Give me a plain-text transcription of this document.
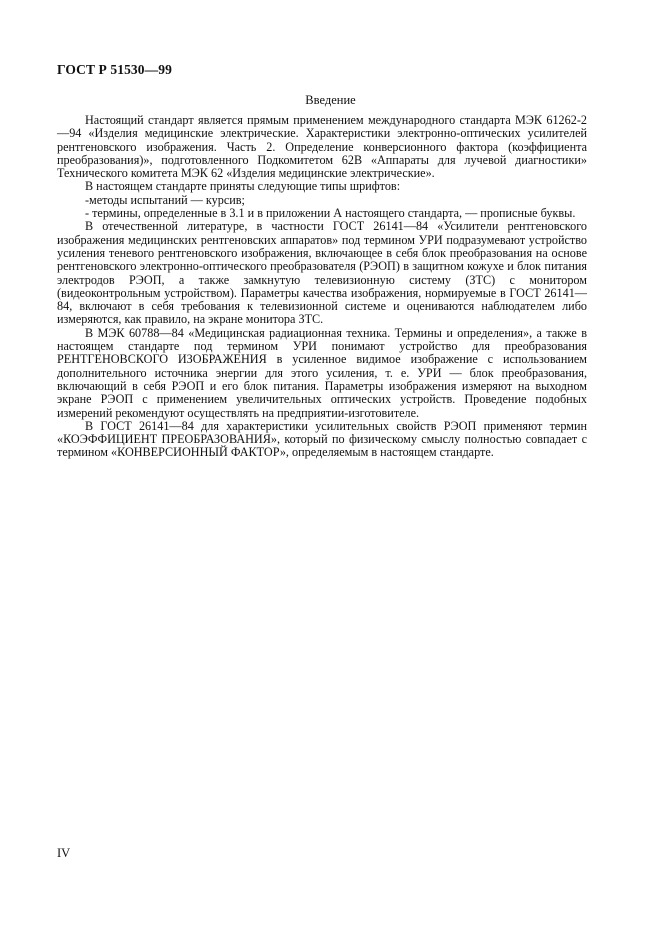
ГОСТ Р 51530—99
Введение

Настоящий стандарт является прямым применением международного стандарта МЭК 61262-2—94 «Изделия медицинские электрические. Характеристики электронно-оптических усилителей рентгеновского изображения. Часть 2. Определение конверсионного фактора (коэффициента преобразования)», подготовленного Подкомитетом 62В «Аппараты для лучевой диагностики» Технического комитета МЭК 62 «Изделия медицинские электрические».

В настоящем стандарте приняты следующие типы шрифтов:

-методы испытаний — курсив;

- термины, определенные в 3.1 и в приложении А настоящего стандарта, — прописные буквы.

В отечественной литературе, в частности ГОСТ 26141—84 «Усилители рентгеновского изображения медицинских рентгеновских аппаратов» под термином УРИ подразумевают устройство усиления теневого рентгеновского изображения, включающее в себя блок преобразования на основе рентгеновского электронно-оптического преобразователя (РЭОП) в защитном кожухе и блок питания электродов РЭОП, а также замкнутую телевизионную систему (ЗТС) с монитором (видеоконтрольным устройством). Параметры качества изображения, нормируемые в ГОСТ 26141—84, включают в себя требования к телевизионной системе и оцениваются наблюдателем либо измеряются, как правило, на экране монитора ЗТС.

В МЭК 60788—84 «Медицинская радиационная техника. Термины и определения», а также в настоящем стандарте под термином УРИ понимают устройство для преобразования РЕНТГЕНОВСКОГО ИЗОБРАЖЕНИЯ в усиленное видимое изображение с использованием дополнительного источника энергии для этого усиления, т. е. УРИ — блок преобразования, включающий в себя РЭОП и его блок питания. Параметры изображения измеряют на выходном экране РЭОП с применением увеличительных оптических устройств. Проведение подобных измерений рекомендуют осуществлять на предприятии-изготовителе.

В ГОСТ 26141—84 для характеристики усилительных свойств РЭОП применяют термин «КОЭФФИЦИЕНТ ПРЕОБРАЗОВАНИЯ», который по физическому смыслу полностью совпадает с термином «КОНВЕРСИОННЫЙ ФАКТОР», определяемым в настоящем стандарте.

IV
